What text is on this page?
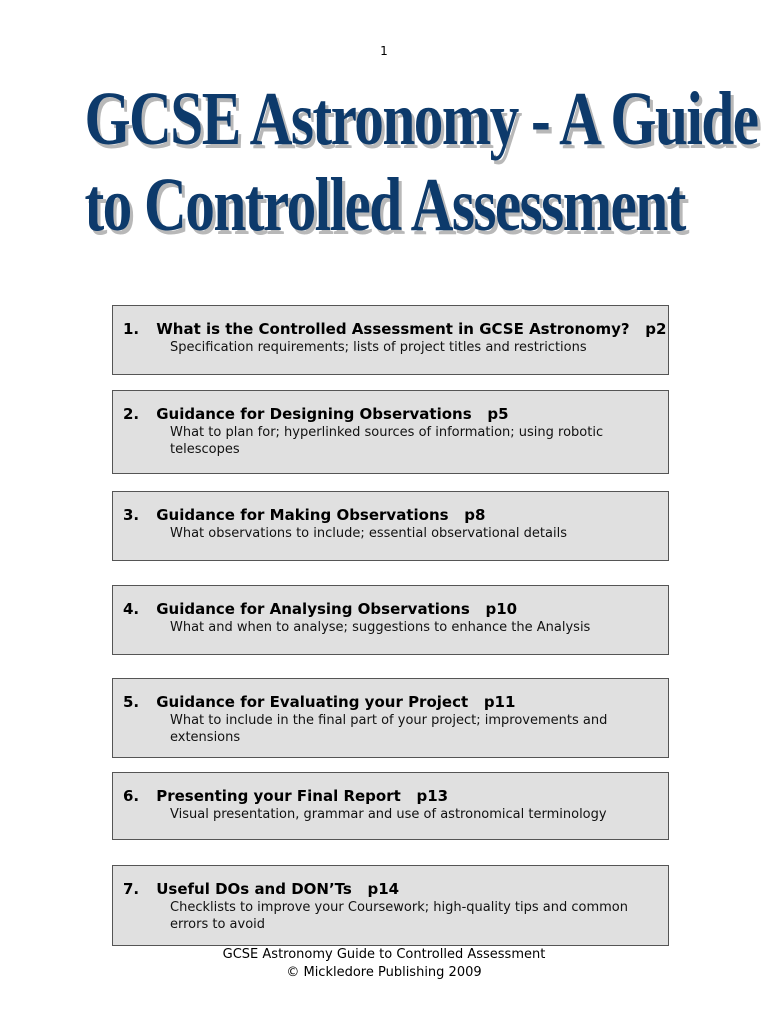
1
GCSE Astronomy - A Guide
to Controlled Assessment
1. What is the Controlled Assessment in GCSE Astronomy? p2
Specification requirements; lists of project titles and restrictions
2. Guidance for Designing Observations p5
What to plan for; hyperlinked sources of information; using robotic telescopes
3. Guidance for Making Observations p8
What observations to include; essential observational details
4. Guidance for Analysing Observations p10
What and when to analyse; suggestions to enhance the Analysis
5. Guidance for Evaluating your Project p11
What to include in the final part of your project; improvements and extensions
6. Presenting your Final Report p13
Visual presentation, grammar and use of astronomical terminology
7. Useful DOs and DON’Ts p14
Checklists to improve your Coursework; high-quality tips and common errors to avoid
GCSE Astronomy Guide to Controlled Assessment
© Mickledore Publishing 2009
